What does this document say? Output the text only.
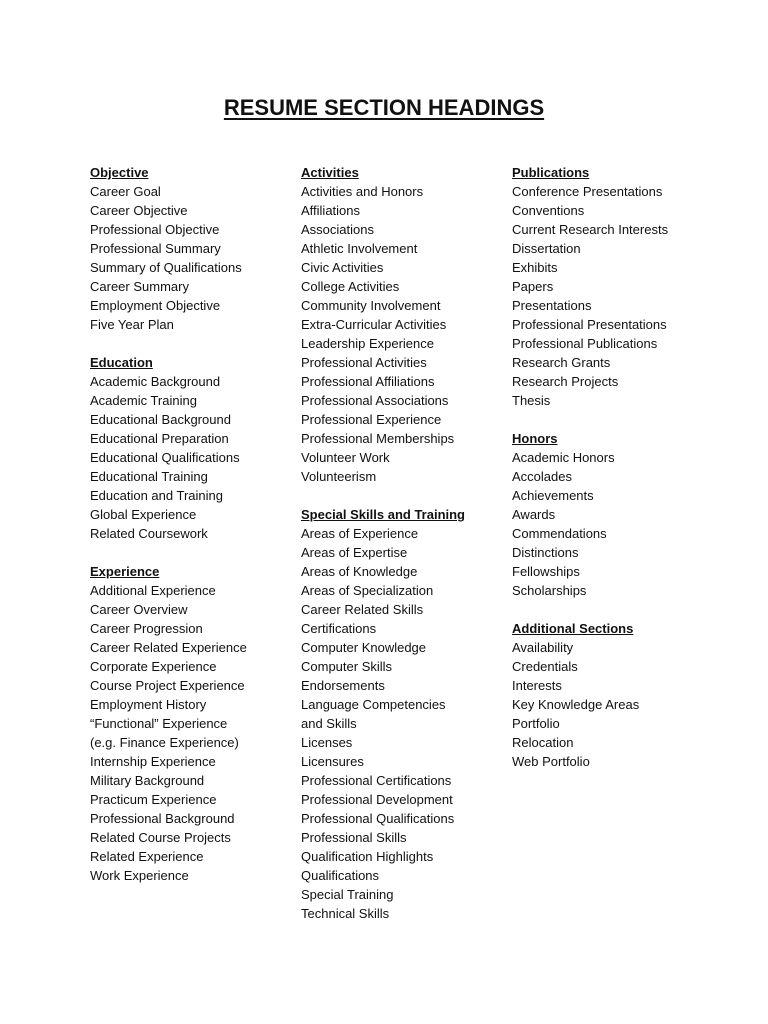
RESUME SECTION HEADINGS
Objective
Career Goal
Career Objective
Professional Objective
Professional Summary
Summary of Qualifications
Career Summary
Employment Objective
Five Year Plan
Education
Academic Background
Academic Training
Educational Background
Educational Preparation
Educational Qualifications
Educational Training
Education and Training
Global Experience
Related Coursework
Experience
Additional Experience
Career Overview
Career Progression
Career Related Experience
Corporate Experience
Course Project Experience
Employment History
“Functional” Experience
(e.g. Finance Experience)
Internship Experience
Military Background
Practicum Experience
Professional Background
Related Course Projects
Related Experience
Work Experience
Activities
Activities and Honors
Affiliations
Associations
Athletic Involvement
Civic Activities
College Activities
Community Involvement
Extra-Curricular Activities
Leadership Experience
Professional Activities
Professional Affiliations
Professional Associations
Professional Experience
Professional Memberships
Volunteer Work
Volunteerism
Special Skills and Training
Areas of Experience
Areas of Expertise
Areas of Knowledge
Areas of Specialization
Career Related Skills
Certifications
Computer Knowledge
Computer Skills
Endorsements
Language Competencies
and Skills
Licenses
Licensures
Professional Certifications
Professional Development
Professional Qualifications
Professional Skills
Qualification Highlights
Qualifications
Special Training
Technical Skills
Publications
Conference Presentations
Conventions
Current Research Interests
Dissertation
Exhibits
Papers
Presentations
Professional Presentations
Professional Publications
Research Grants
Research Projects
Thesis
Honors
Academic Honors
Accolades
Achievements
Awards
Commendations
Distinctions
Fellowships
Scholarships
Additional Sections
Availability
Credentials
Interests
Key Knowledge Areas
Portfolio
Relocation
Web Portfolio
